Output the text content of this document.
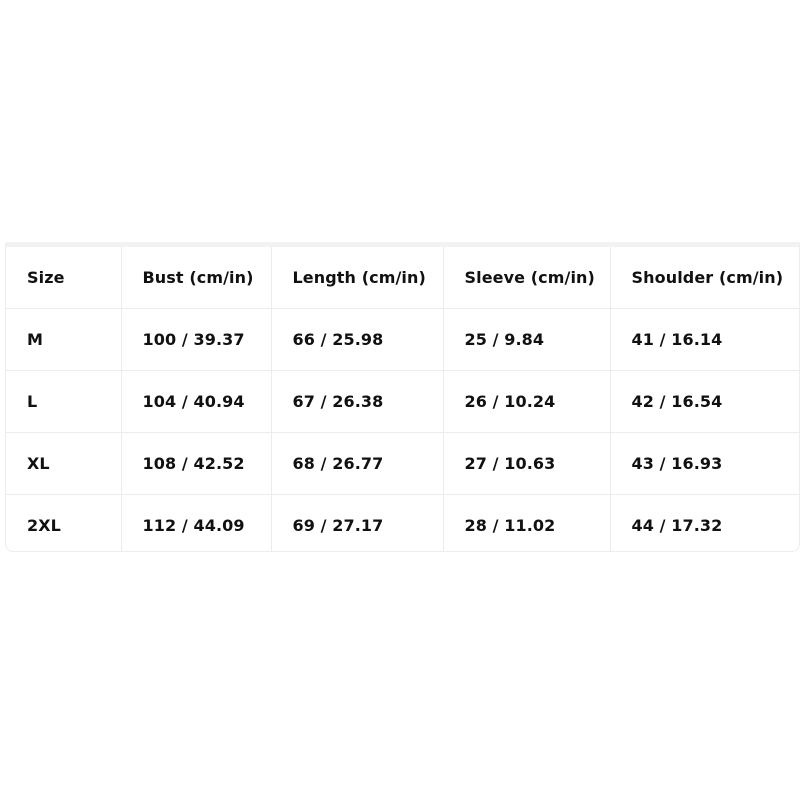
Size	Bust (cm/in)	Length (cm/in)	Sleeve (cm/in)	Shoulder (cm/in)
M	100 / 39.37	66 / 25.98	25 / 9.84	41 / 16.14
L	104 / 40.94	67 / 26.38	26 / 10.24	42 / 16.54
XL	108 / 42.52	68 / 26.77	27 / 10.63	43 / 16.93
2XL	112 / 44.09	69 / 27.17	28 / 11.02	44 / 17.32
